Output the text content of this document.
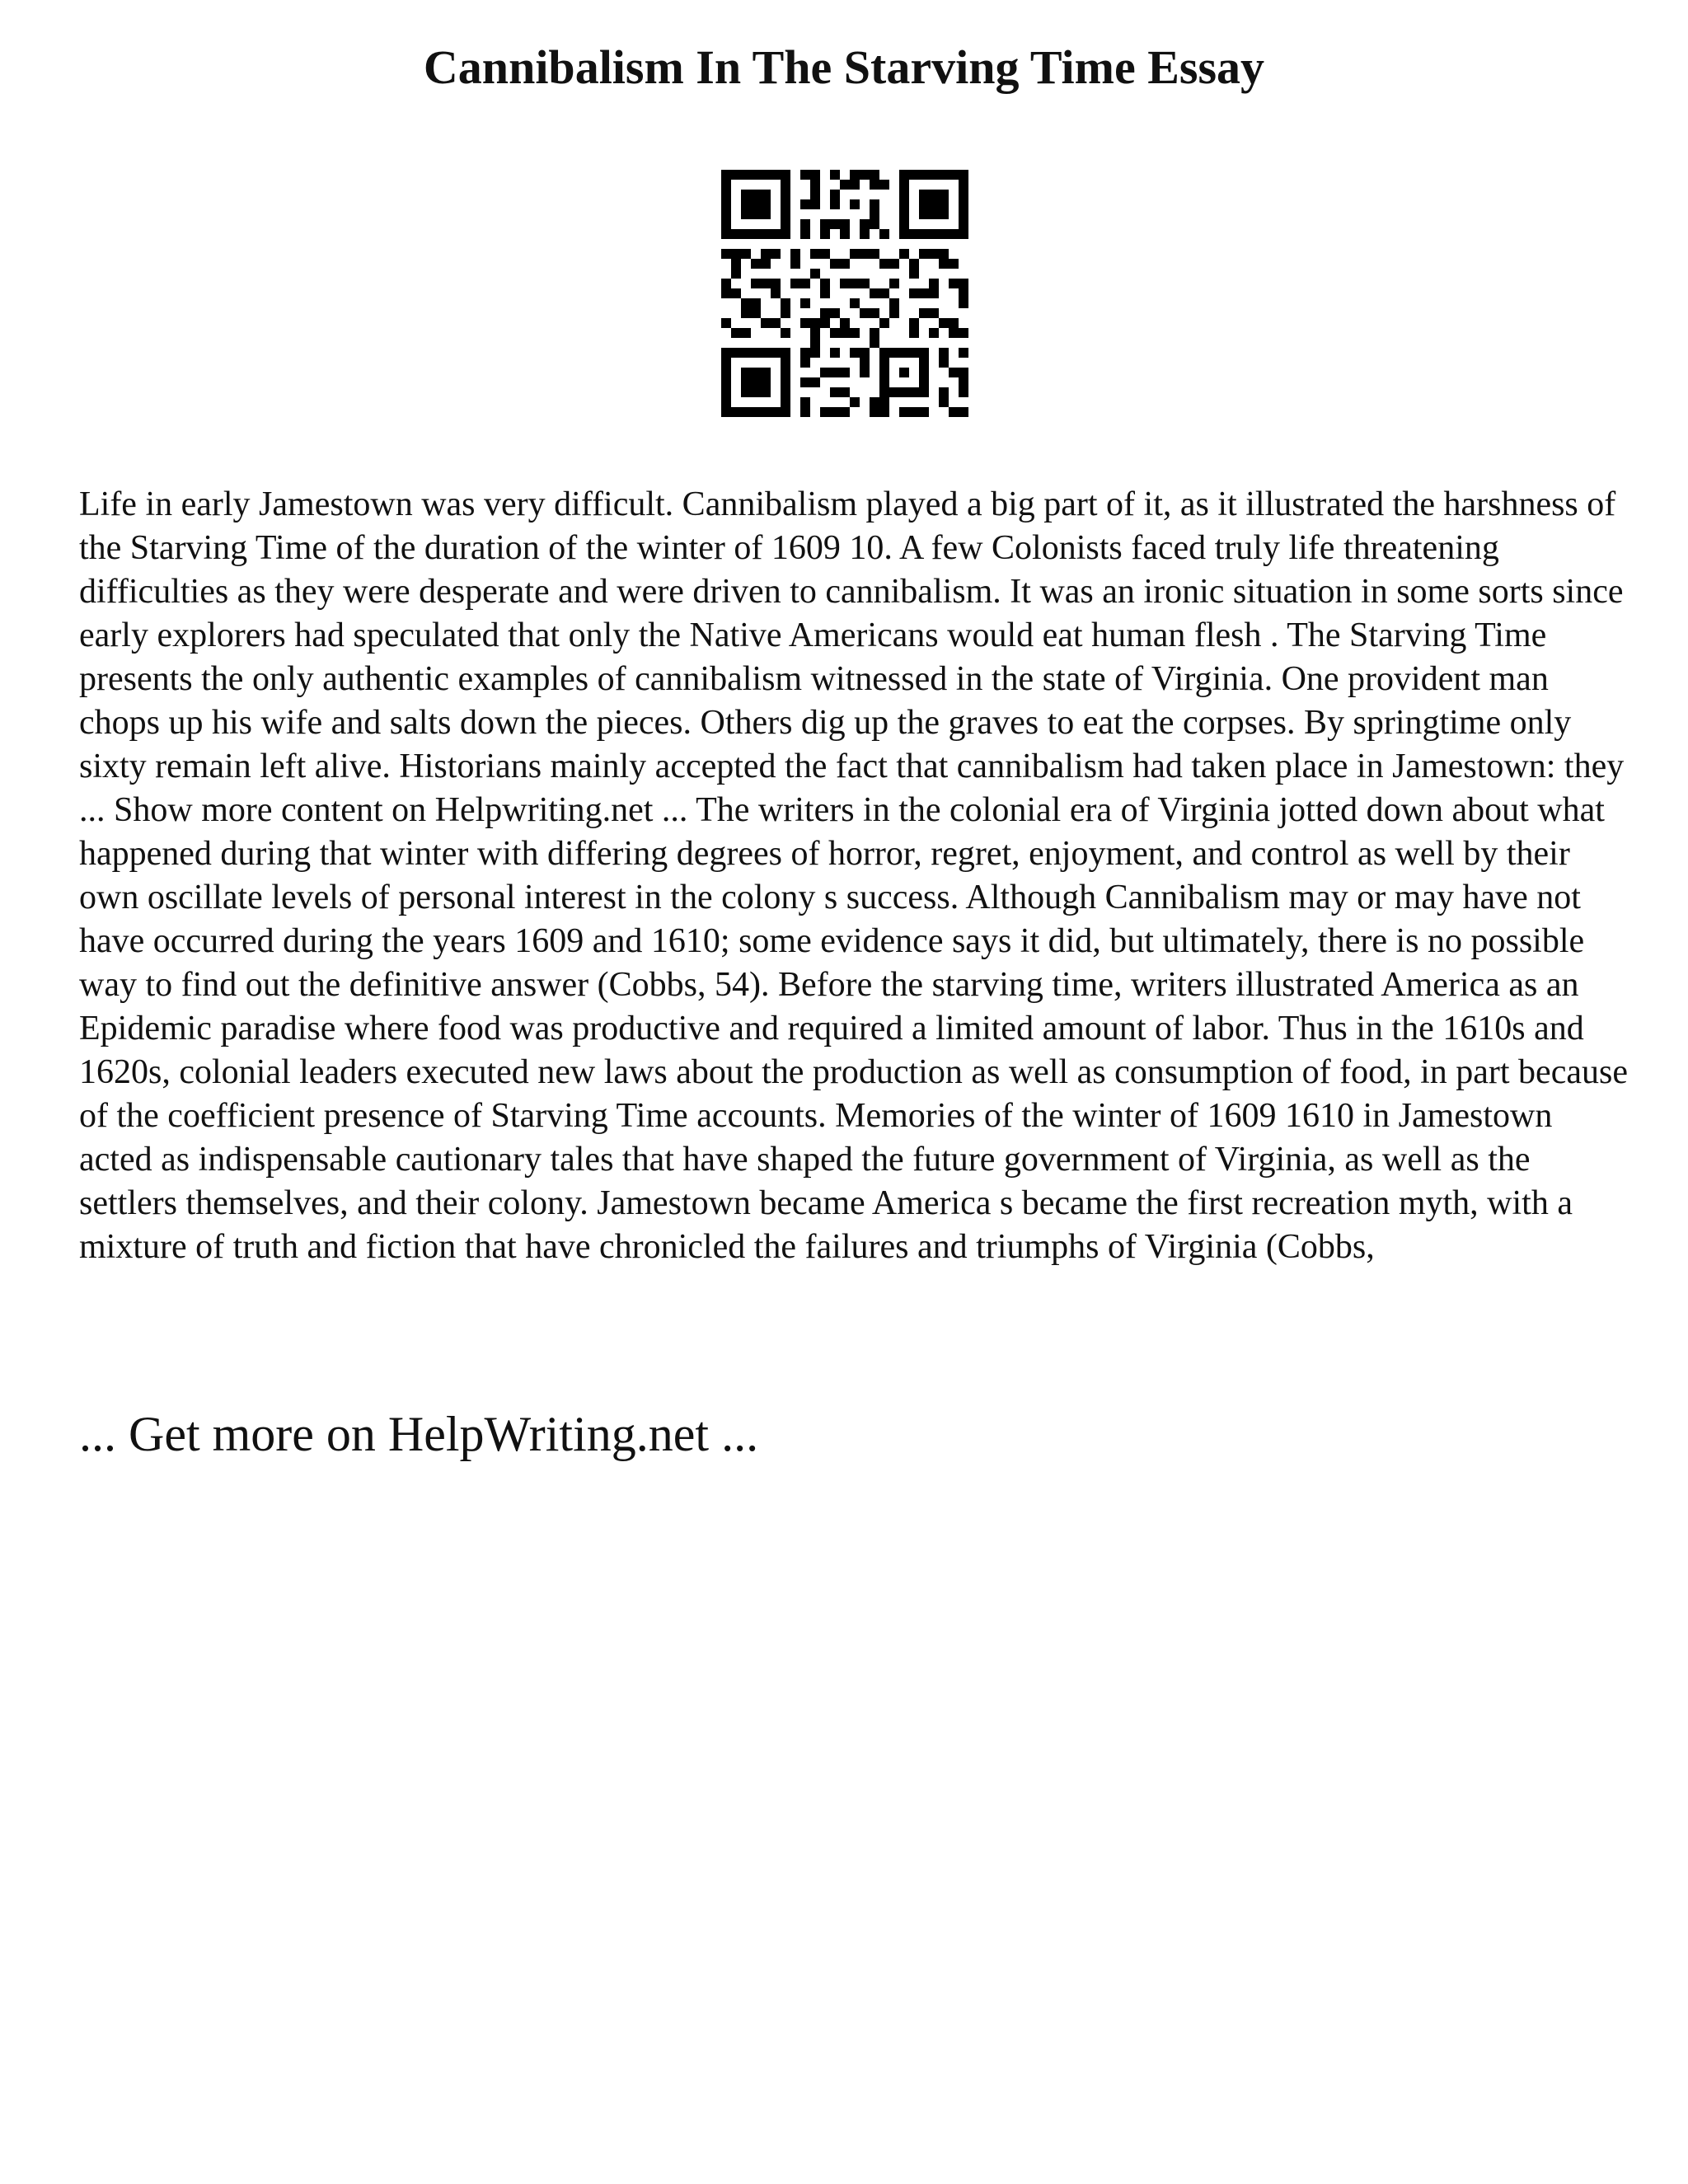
Cannibalism In The Starving Time Essay

Life in early Jamestown was very difficult. Cannibalism played a big part of it, as it illustrated the harshness of the Starving Time of the duration of the winter of 1609 10. A few Colonists faced truly life threatening difficulties as they were desperate and were driven to cannibalism. It was an ironic situation in some sorts since early explorers had speculated that only the Native Americans would eat human flesh . The Starving Time presents the only authentic examples of cannibalism witnessed in the state of Virginia. One provident man chops up his wife and salts down the pieces. Others dig up the graves to eat the corpses. By springtime only sixty remain left alive. Historians mainly accepted the fact that cannibalism had taken place in Jamestown: they ... Show more content on Helpwriting.net ... The writers in the colonial era of Virginia jotted down about what happened during that winter with differing degrees of horror, regret, enjoyment, and control as well by their own oscillate levels of personal interest in the colony s success. Although Cannibalism may or may have not have occurred during the years 1609 and 1610; some evidence says it did, but ultimately, there is no possible way to find out the definitive answer (Cobbs, 54). Before the starving time, writers illustrated America as an Epidemic paradise where food was productive and required a limited amount of labor. Thus in the 1610s and 1620s, colonial leaders executed new laws about the production as well as consumption of food, in part because of the coefficient presence of Starving Time accounts. Memories of the winter of 1609 1610 in Jamestown acted as indispensable cautionary tales that have shaped the future government of Virginia, as well as the settlers themselves, and their colony. Jamestown became America s became the first recreation myth, with a mixture of truth and fiction that have chronicled the failures and triumphs of Virginia (Cobbs,

... Get more on HelpWriting.net ...
